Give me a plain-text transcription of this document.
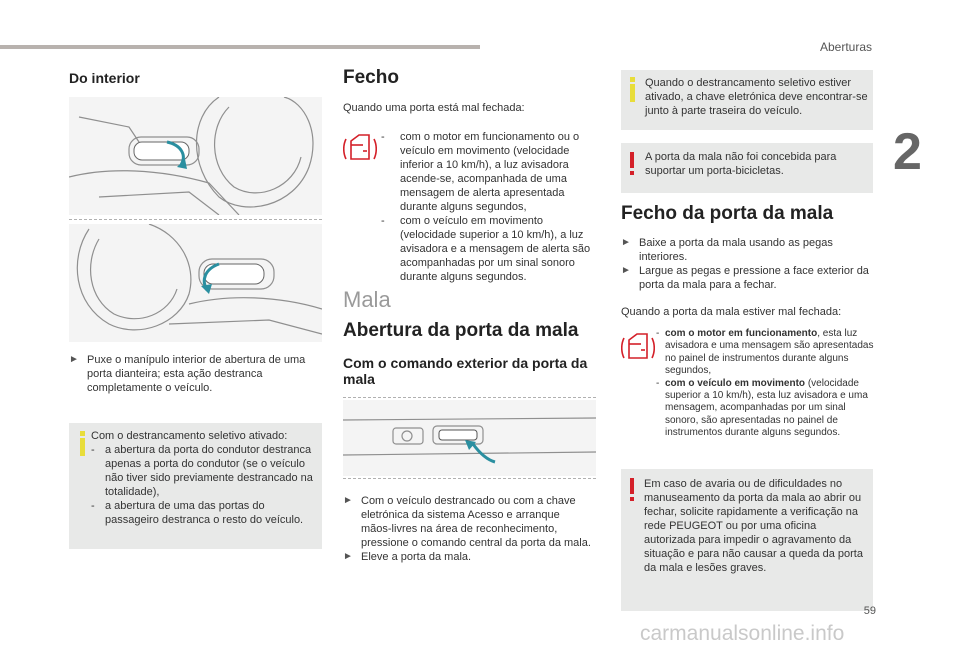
Aberturas
2
Do interior
► Puxe o manípulo interior de abertura de uma porta dianteira; esta ação destranca completamente o veículo.

Com o destrancamento seletivo ativado:

- a abertura da porta do condutor destranca apenas a porta do condutor (se o veículo não tiver sido previamente destrancado na totalidade),
- a abertura de uma das portas do passageiro destranca o resto do veículo.
Fecho

Quando uma porta está mal fechada:

-	com o motor em funcionamento ou o veículo em movimento (velocidade inferior a 10 km/h), a luz avisadora acende-se, acompanhada de uma mensagem de alerta apresentada durante alguns segundos,
-	com o veículo em movimento (velocidade superior a 10 km/h), a luz avisadora e a mensagem de alerta são acompanhadas por um sinal sonoro durante alguns segundos.
Mala
Abertura da porta da mala
Com o comando exterior da porta da mala
► Com o veículo destrancado ou com a chave eletrónica da sistema Acesso e arranque mãos-livres na área de reconhecimento, pressione o comando central da porta da mala.
► Eleve a porta da mala.

Quando o destrancamento seletivo estiver ativado, a chave eletrónica deve encontrar-se junto à parte traseira do veículo.

A porta da mala não foi concebida para suportar um porta-bicicletas.

Fecho da porta da mala
► Baixe a porta da mala usando as pegas interiores.
► Largue as pegas e pressione a face exterior da porta da mala para a fechar.

Quando a porta da mala estiver mal fechada:

- com o motor em funcionamento, esta luz avisadora e uma mensagem são apresentadas no painel de instrumentos durante alguns segundos,
- com o veículo em movimento (velocidade superior a 10 km/h), esta luz avisadora e uma mensagem, acompanhadas por um sinal sonoro, são apresentadas no painel de instrumentos durante alguns segundos.

Em caso de avaria ou de dificuldades no manuseamento da porta da mala ao abrir ou fechar, solicite rapidamente a verificação na rede PEUGEOT ou por uma oficina autorizada para impedir o agravamento da situação e para não causar a queda da porta da mala e lesões graves.

59
carmanualsonline.info
